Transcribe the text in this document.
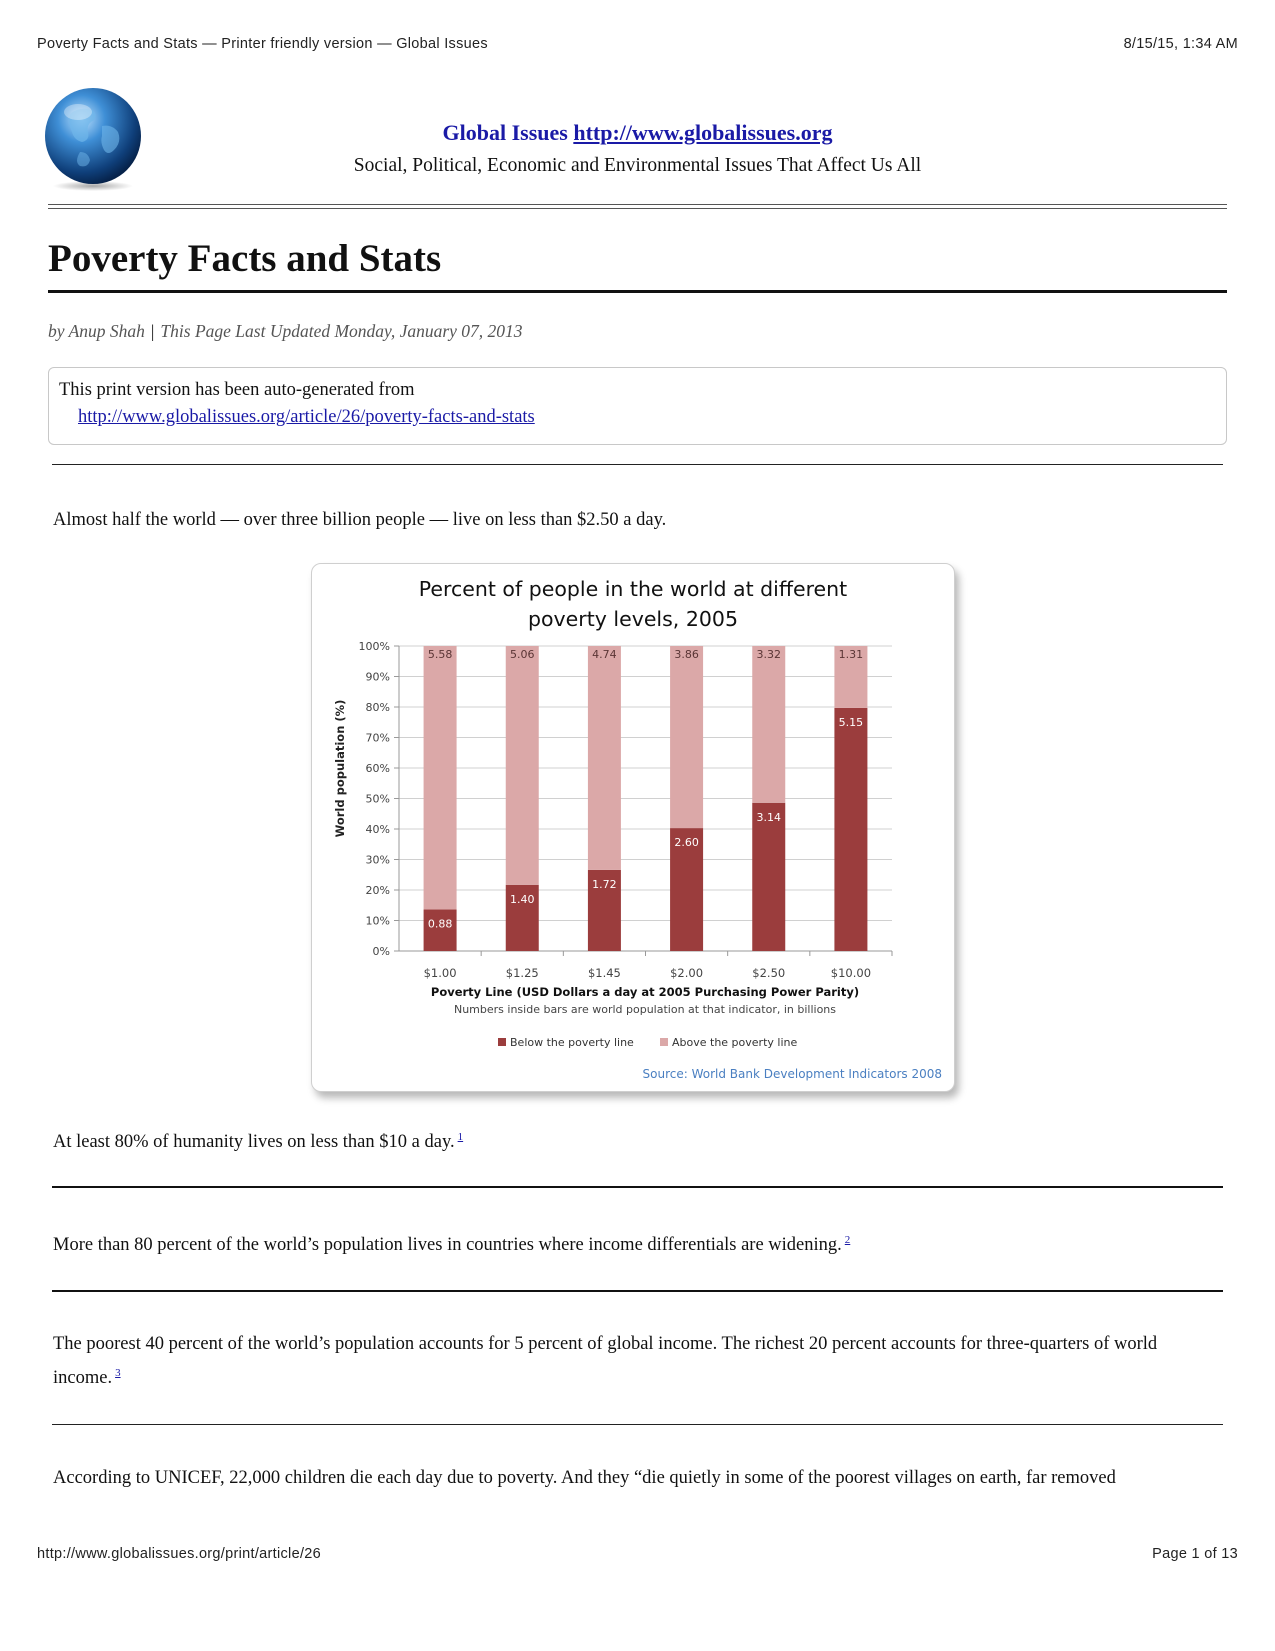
Poverty Facts and Stats — Printer friendly version — Global Issues	8/15/15, 1:34 AM
Global Issues http://www.globalissues.org
Social, Political, Economic and Environmental Issues That Affect Us All
Poverty Facts and Stats
by Anup Shah | This Page Last Updated Monday, January 07, 2013
This print version has been auto-generated from
http://www.globalissues.org/article/26/poverty-facts-and-stats

Almost half the world — over three billion people — live on less than $2.50 a day.

Percent of people in the world at different
poverty levels, 2005
0%
10%
20%
30%
40%
50%
60%
70%
80%
90%
100%
World population (%)
0.88
5.58
$1.00
1.40
5.06
$1.25
1.72
4.74
$1.45
2.60
3.86
$2.00
3.14
3.32
$2.50
5.15
1.31
$10.00
Poverty Line (USD Dollars a day at 2005 Purchasing Power Parity)
Numbers inside bars are world population at that indicator, in billions
Below the poverty line	Above the poverty line
Source: World Bank Development Indicators 2008

At least 80% of humanity lives on less than $10 a day. $^1$

More than 80 percent of the world’s population lives in countries where income differentials are widening. $^2$

The poorest 40 percent of the world’s population accounts for 5 percent of global income. The richest 20 percent accounts for three-quarters of world income. $^3$

According to UNICEF, 22,000 children die each day due to poverty. And they “die quietly in some of the poorest villages on earth, far removed

http://www.globalissues.org/print/article/26	Page 1 of 13
